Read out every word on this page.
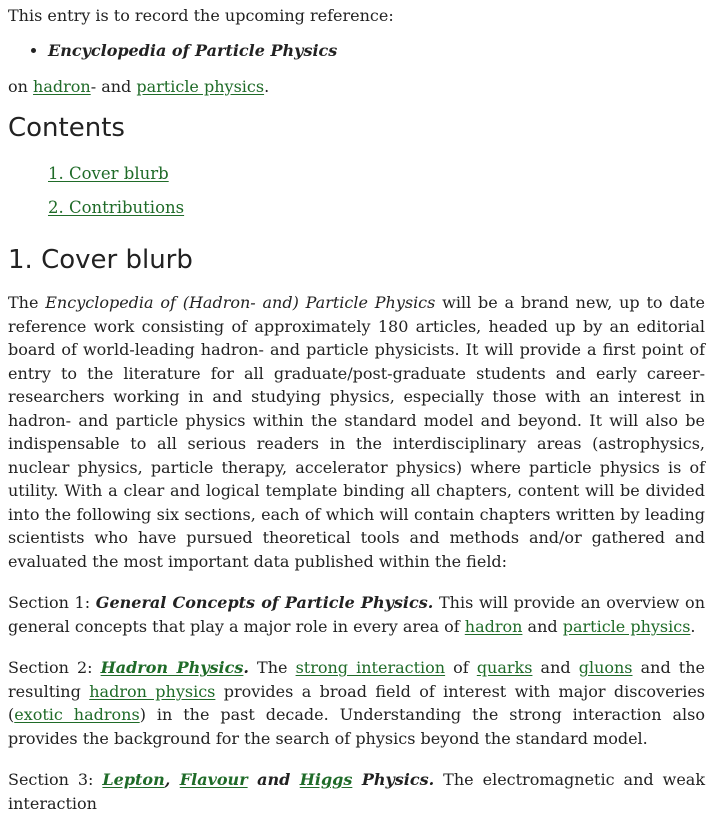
This entry is to record the upcoming reference:

• Encyclopedia of Particle Physics

on hadron- and particle physics.

Contents
1. Cover blurb
2. Contributions
1. Cover blurb

The Encyclopedia of (Hadron- and) Particle Physics will be a brand new, up to date reference work consisting of approximately 180 articles, headed up by an editorial board of world-leading hadron- and particle physicists. It will provide a first point of entry to the literature for all graduate/post-graduate students and early career-researchers working in and studying physics, especially those with an interest in hadron- and particle physics within the standard model and beyond. It will also be indispensable to all serious readers in the interdisciplinary areas (astrophysics, nuclear physics, particle therapy, accelerator physics) where particle physics is of utility. With a clear and logical template binding all chapters, content will be divided into the following six sections, each of which will contain chapters written by leading scientists who have pursued theoretical tools and methods and/or gathered and evaluated the most important data published within the field:

Section 1: General Concepts of Particle Physics. This will provide an overview on general concepts that play a major role in every area of hadron and particle physics.

Section 2: Hadron Physics. The strong interaction of quarks and gluons and the resulting hadron physics provides a broad field of interest with major discoveries (exotic hadrons) in the past decade. Understanding the strong interaction also provides the background for the search of physics beyond the standard model.

Section 3: Lepton, Flavour and Higgs Physics. The electromagnetic and weak interaction
